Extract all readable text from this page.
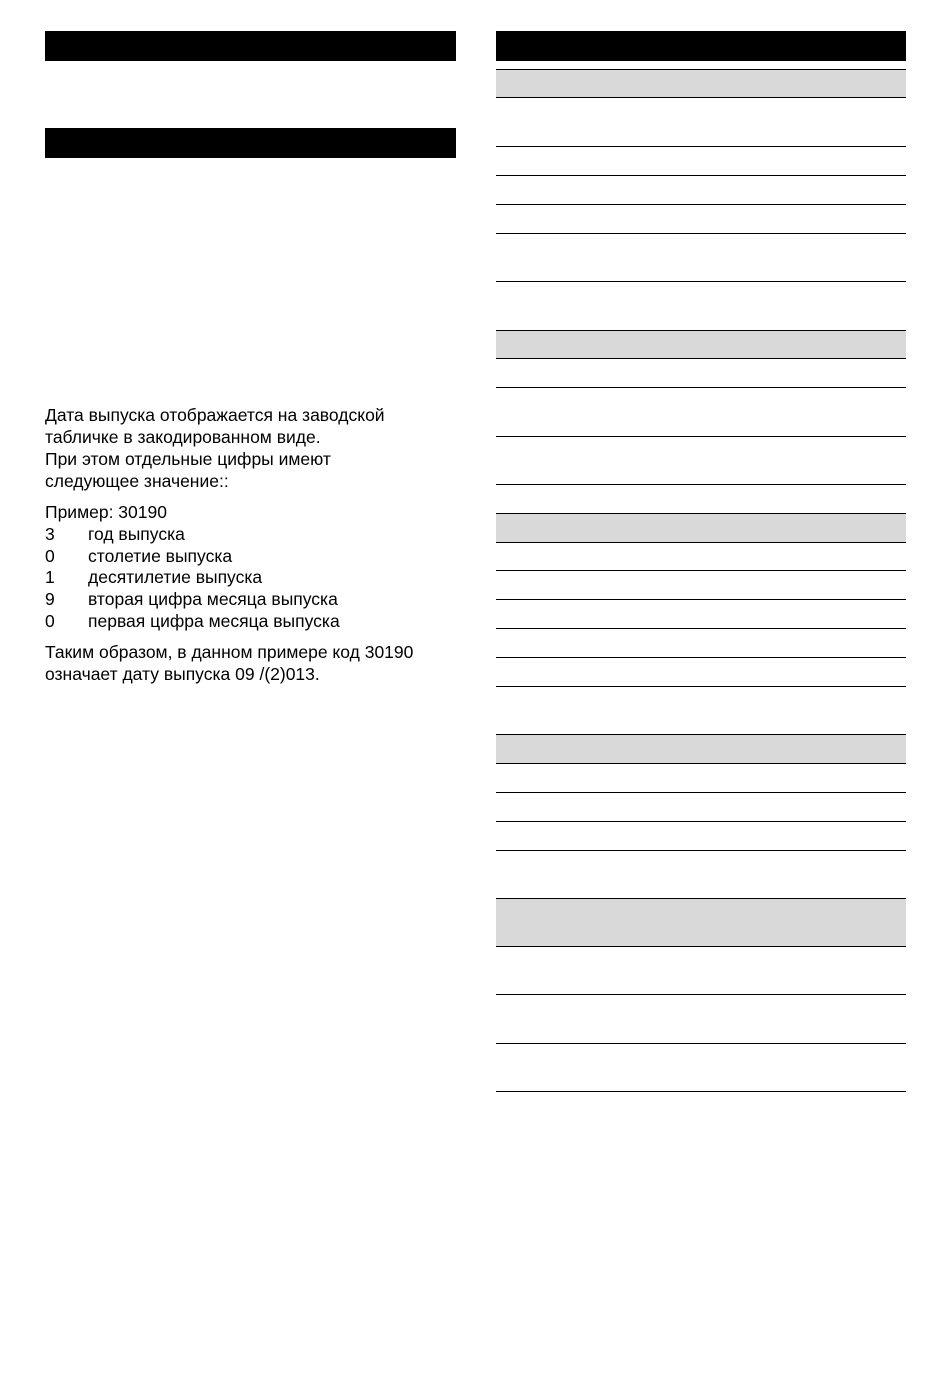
Дата выпуска отображается на заводской
табличке в закодированном виде.
При этом отдельные цифры имеют
следующее значение::
Пример: 30190
3	год выпуска
0	столетие выпуска
1	десятилетие выпуска
9	вторая цифра месяца выпуска
0	первая цифра месяца выпуска
Таким образом, в данном примере код 30190
означает дату выпуска 09 /(2)013.
